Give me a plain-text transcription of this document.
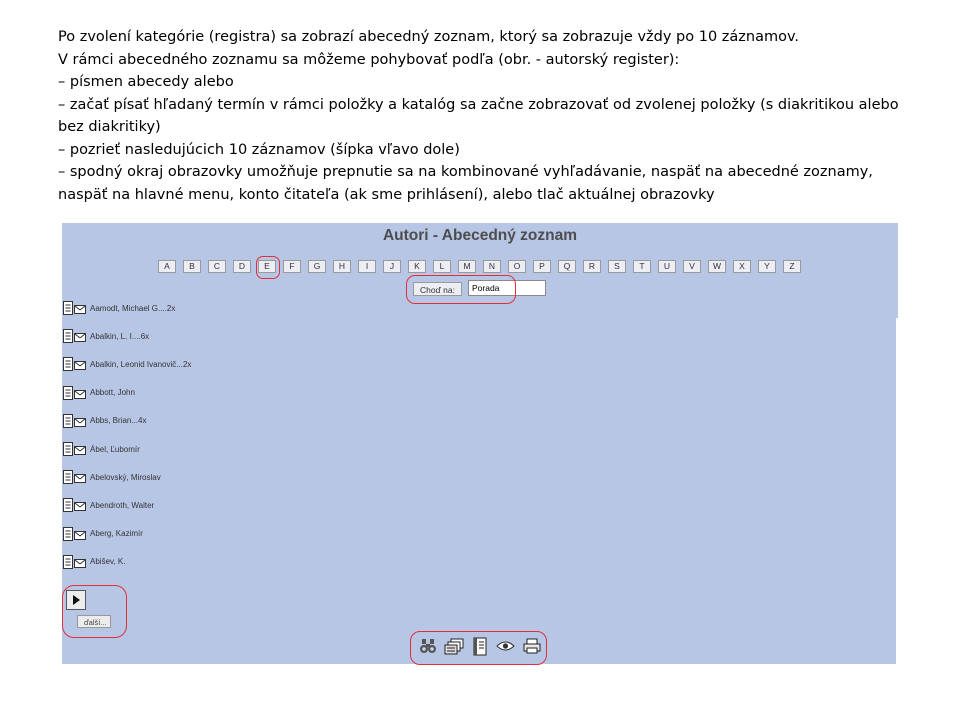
Po zvolení kategórie (registra) sa zobrazí abecedný zoznam, ktorý sa zobrazuje vždy po 10 záznamov.

V rámci abecedného zoznamu sa môžeme pohybovať podľa (obr. - autorský register):

– písmen abecedy alebo

– začať písať hľadaný termín v rámci položky a katalóg sa začne zobrazovať od zvolenej položky (s diakritikou alebo bez diakritiky)

– pozrieť nasledujúcich 10 záznamov (šípka vľavo dole)

– spodný okraj obrazovky umožňuje prepnutie sa na kombinované vyhľadávanie, naspäť na abecedné zoznamy, naspäť na hlavné menu, konto čitateľa (ak sme prihlásení), alebo tlač aktuálnej obrazovky

Autori - Abecedný zoznam
A	B	C	D	E	F	G	H	I	J	K	L	M	N	O	P	Q	R	S	T	U	V	W	X	Y	Z
Choď na:
Porada
Aamodt, Michael G....2x
Abalkin, L. I....6x
Abalkin, Leonid Ivanovič...2x
Abbott, John
Abbs, Brian...4x
Ábel, Ľubomír
Abelovský, Miroslav
Abendroth, Walter
Aberg, Kazimír
Abišev, K.
ďalší...
